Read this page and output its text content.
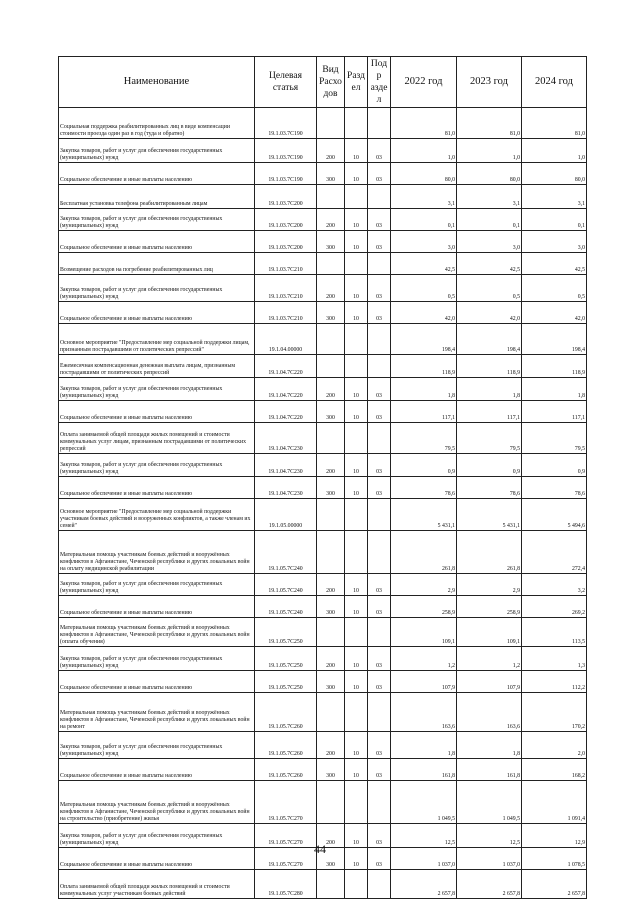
Наименование	Целевая статья	Вид Расхо дов	Разд ел	Подр азде л	2022 год	2023 год	2024 год
Социальная поддержка реабилитированных лиц в виде компенсации стоимости проезда один раз в год (туда и обратно)	19.1.03.7С190				81,0	81,0	81,0
Закупка товаров, работ и услуг для обеспечения государственных (муниципальных) нужд	19.1.03.7С190	200	10	03	1,0	1,0	1,0
Социальное обеспечение и иные выплаты населению	19.1.03.7С190	300	10	03	80,0	80,0	80,0
Бесплатная установка телефона реабилитированным лицам	19.1.03.7С200				3,1	3,1	3,1
Закупка товаров, работ и услуг для обеспечения государственных (муниципальных) нужд	19.1.03.7С200	200	10	03	0,1	0,1	0,1
Социальное обеспечение и иные выплаты населению	19.1.03.7С200	300	10	03	3,0	3,0	3,0
Возмещение расходов на погребение реабилитированных лиц	19.1.03.7С210				42,5	42,5	42,5
Закупка товаров, работ и услуг для обеспечения государственных (муниципальных) нужд	19.1.03.7С210	200	10	03	0,5	0,5	0,5
Социальное обеспечение и иные выплаты населению	19.1.03.7С210	300	10	03	42,0	42,0	42,0
Основное мероприятие "Предоставление мер социальной поддержки лицам, признанным пострадавшими от политических репрессий"	19.1.04.00000				198,4	198,4	198,4
Ежемесячная компенсационная денежная выплата лицам, признанным пострадавшими от политических репрессий	19.1.04.7С220				118,9	118,9	118,9
Закупка товаров, работ и услуг для обеспечения государственных (муниципальных) нужд	19.1.04.7С220	200	10	03	1,8	1,8	1,8
Социальное обеспечение и иные выплаты населению	19.1.04.7С220	300	10	03	117,1	117,1	117,1
Оплата занимаемой общей площади жилых помещений и стоимости коммунальных услуг лицам, признанным пострадавшими от политических репрессий	19.1.04.7С230				79,5	79,5	79,5
Закупка товаров, работ и услуг для обеспечения государственных (муниципальных) нужд	19.1.04.7С230	200	10	03	0,9	0,9	0,9
Социальное обеспечение и иные выплаты населению	19.1.04.7С230	300	10	03	78,6	78,6	78,6
Основное мероприятие "Предоставление мер социальной поддержки участникам боевых действий и вооруженных конфликтов, а также членам их семей"	19.1.05.00000				5 431,1	5 431,1	5 494,6
Материальная помощь участникам боевых действий и вооружённых конфликтов в Афганистане, Чеченской республике и других локальных войн на оплату медицинской реабилитации	19.1.05.7С240				261,8	261,8	272,4
Закупка товаров, работ и услуг для обеспечения государственных (муниципальных) нужд	19.1.05.7С240	200	10	03	2,9	2,9	3,2
Социальное обеспечение и иные выплаты населению	19.1.05.7С240	300	10	03	258,9	258,9	269,2
Материальная помощь участникам боевых действий и вооружённых конфликтов в Афганистане, Чеченской республике и других локальных войн (оплата обучения)	19.1.05.7С250				109,1	109,1	113,5
Закупка товаров, работ и услуг для обеспечения государственных (муниципальных) нужд	19.1.05.7С250	200	10	03	1,2	1,2	1,3
Социальное обеспечение и иные выплаты населению	19.1.05.7С250	300	10	03	107,9	107,9	112,2
Материальная помощь участникам боевых действий и вооружённых конфликтов в Афганистане, Чеченской республике и других локальных войн на ремонт	19.1.05.7С260				163,6	163,6	170,2
Закупка товаров, работ и услуг для обеспечения государственных (муниципальных) нужд	19.1.05.7С260	200	10	03	1,8	1,8	2,0
Социальное обеспечение и иные выплаты населению	19.1.05.7С260	300	10	03	161,8	161,8	168,2
Материальная помощь участникам боевых действий и вооружённых конфликтов в Афганистане, Чеченской республике и других локальных войн на строительство (приобретение) жилья	19.1.05.7С270				1 049,5	1 049,5	1 091,4
Закупка товаров, работ и услуг для обеспечения государственных (муниципальных) нужд	19.1.05.7С270	200	10	03	12,5	12,5	12,9
Социальное обеспечение и иные выплаты населению	19.1.05.7С270	300	10	03	1 037,0	1 037,0	1 078,5
Оплата занимаемой общей площади жилых помещений и стоимости коммунальных услуг участникам боевых действий	19.1.05.7С280				2 657,8	2 657,8	2 657,8
44
